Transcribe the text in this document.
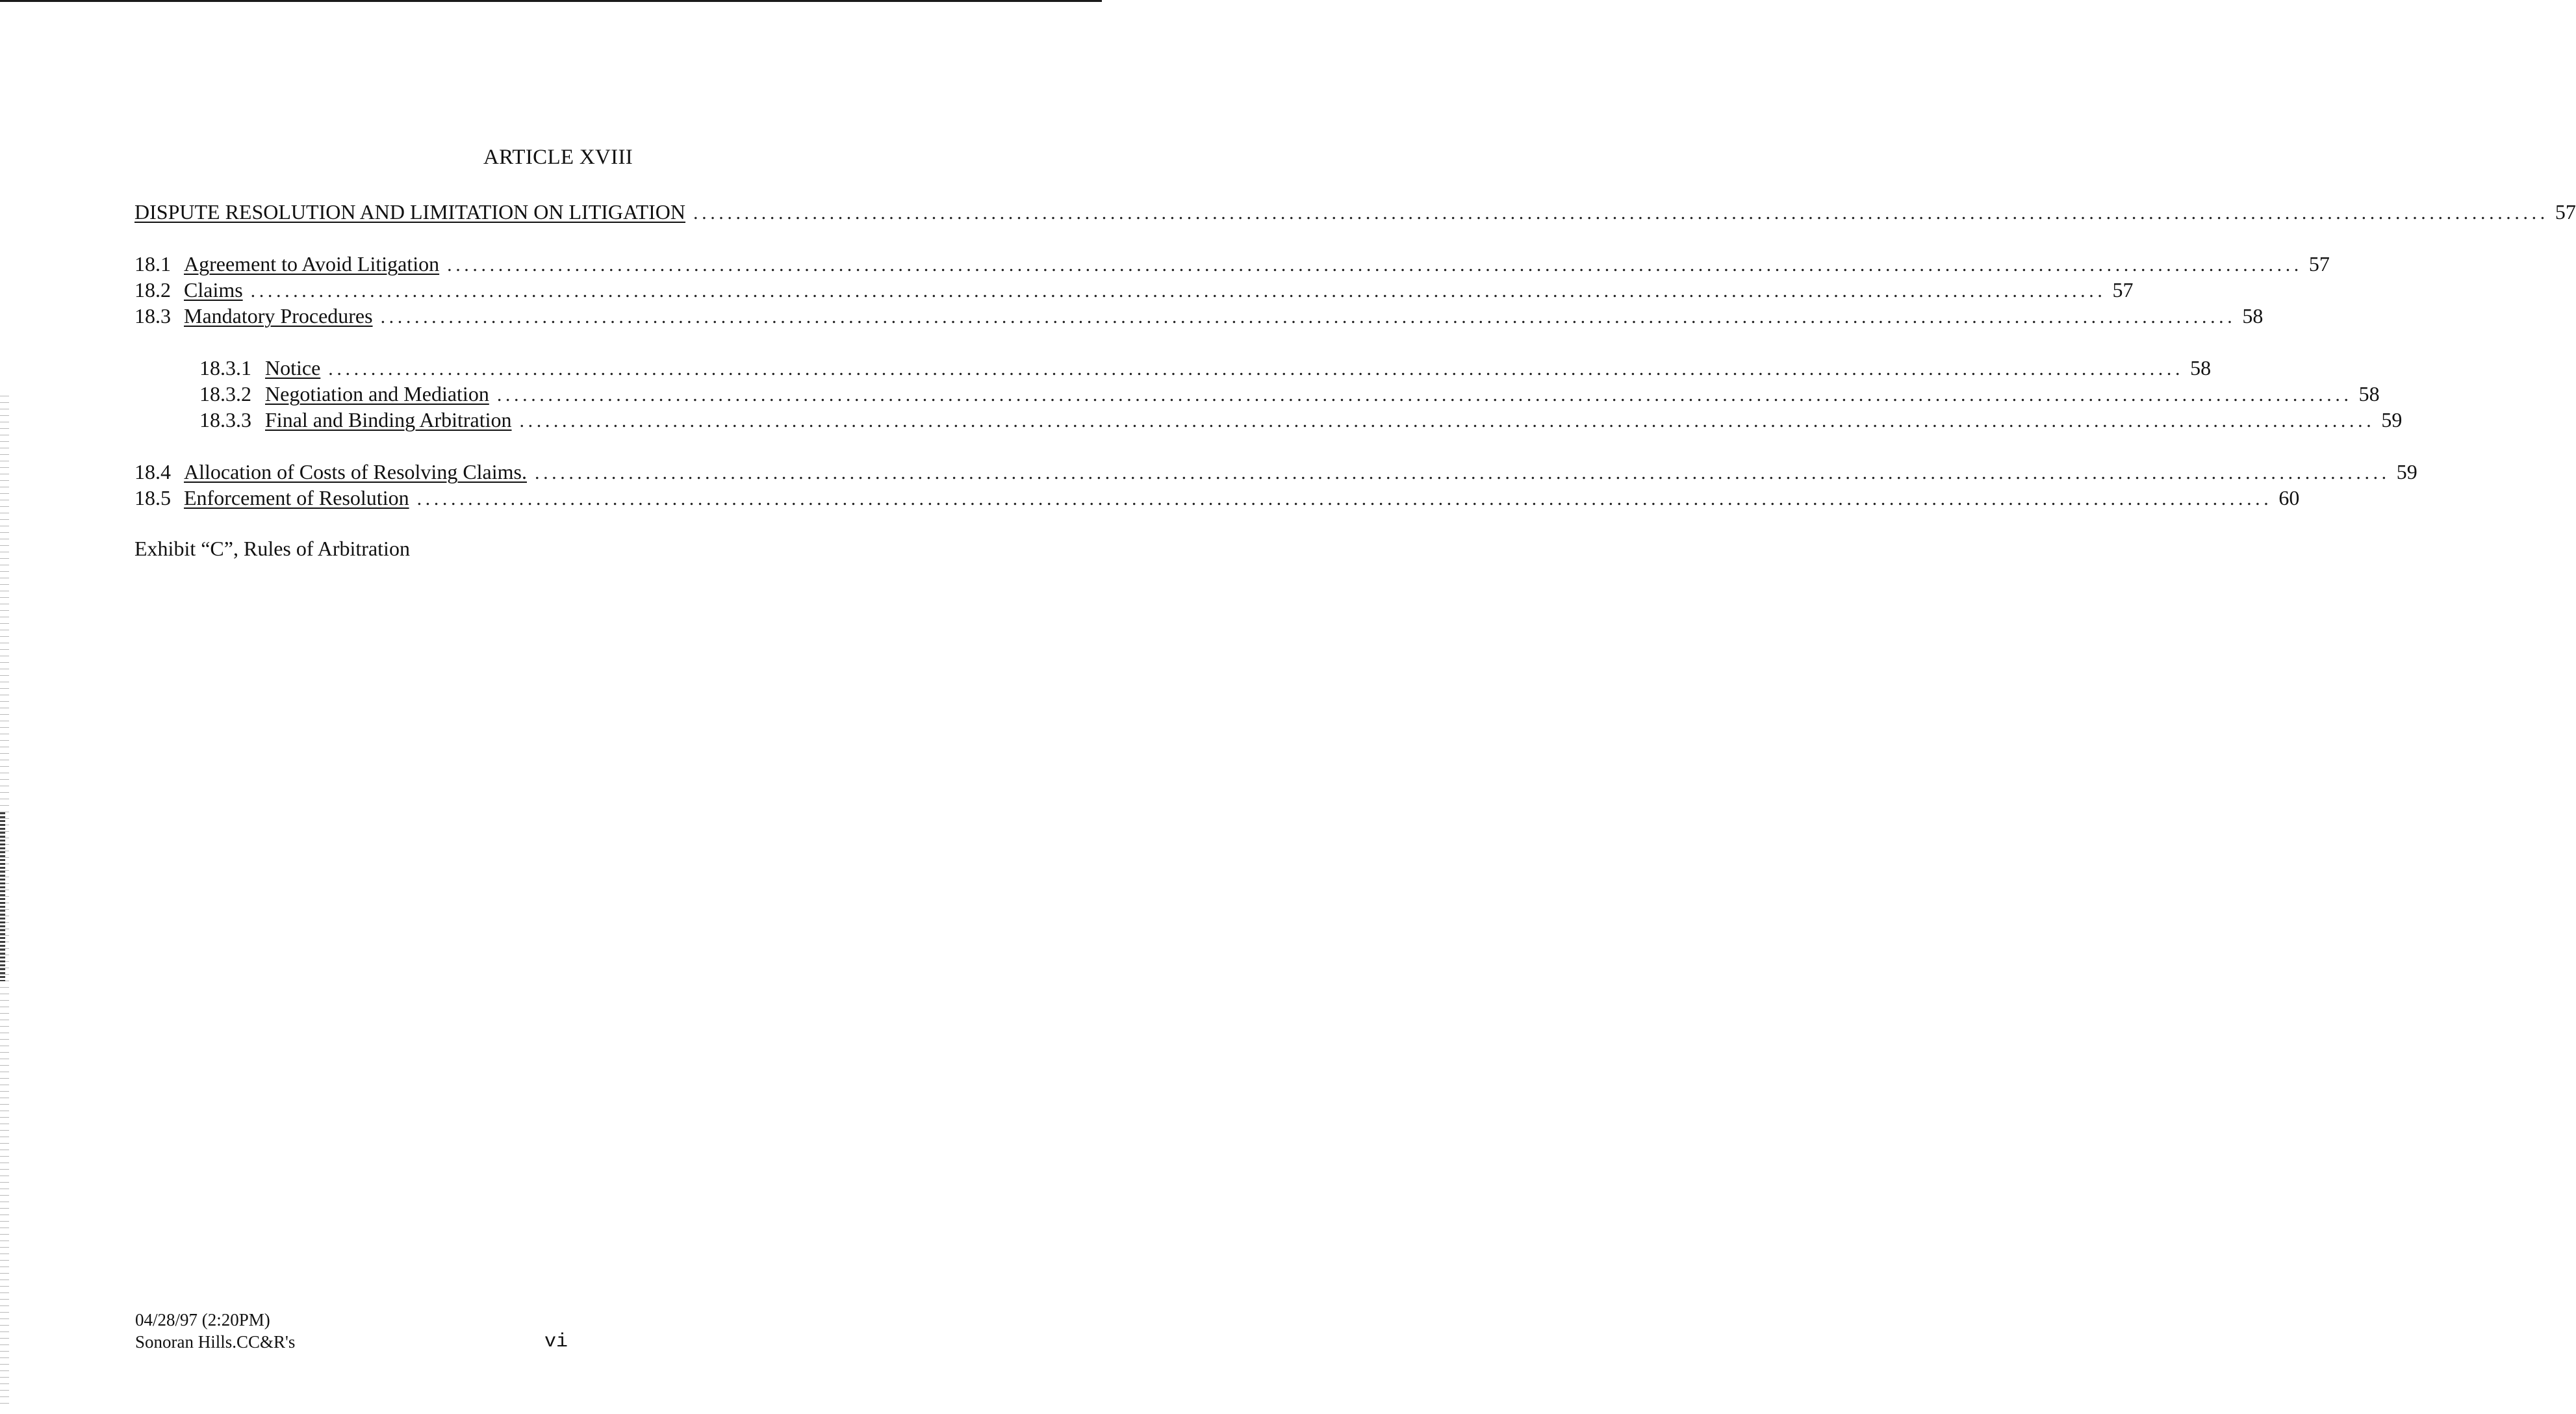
ARTICLE XVIII
DISPUTE RESOLUTION AND LIMITATION ON LITIGATION .......................................................................................................................................................................................................................... 57
18.1 Agreement to Avoid Litigation .......................................................................................................................................................................................................................... 57
18.2 Claims .......................................................................................................................................................................................................................... 57
18.3 Mandatory Procedures .......................................................................................................................................................................................................................... 58
18.3.1 Notice .......................................................................................................................................................................................................................... 58
18.3.2 Negotiation and Mediation .......................................................................................................................................................................................................................... 58
18.3.3 Final and Binding Arbitration .......................................................................................................................................................................................................................... 59
18.4 Allocation of Costs of Resolving Claims. .......................................................................................................................................................................................................................... 59
18.5 Enforcement of Resolution .......................................................................................................................................................................................................................... 60
Exhibit “C”, Rules of Arbitration
04/28/97 (2:20PM)
Sonoran Hills.CC&R's	vi
